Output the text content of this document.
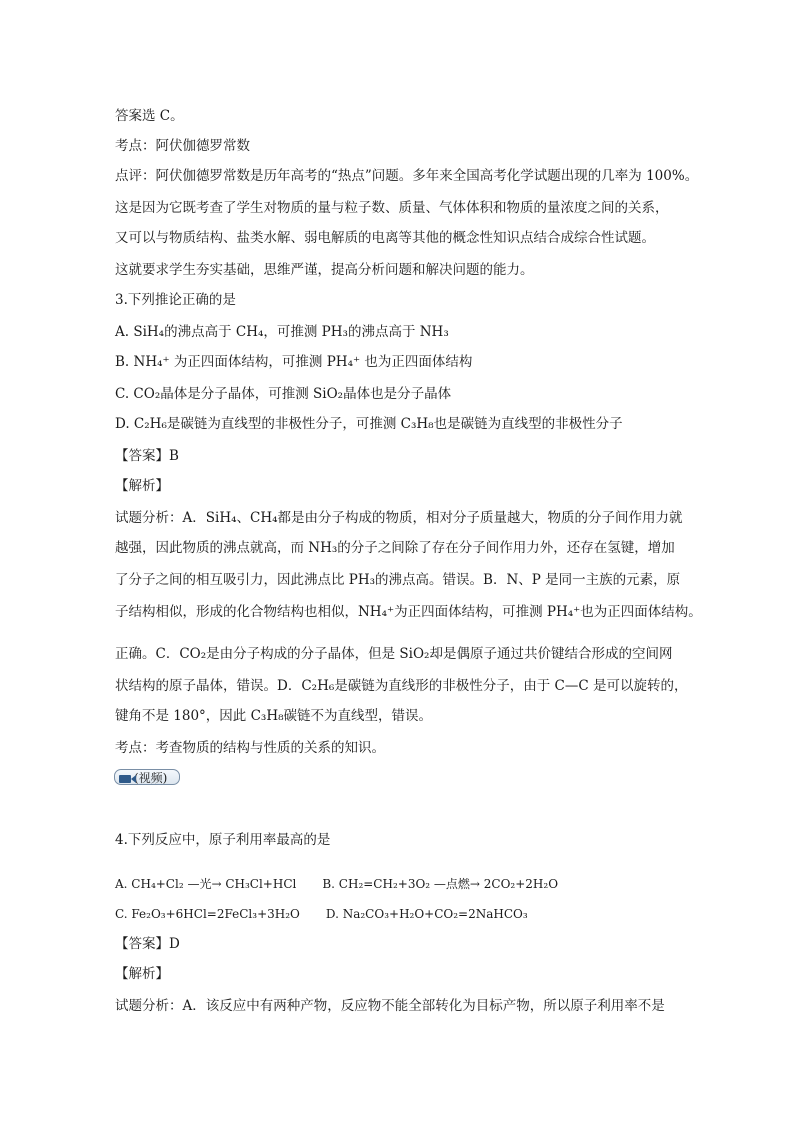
答案选 C。
考点：阿伏伽德罗常数
点评：阿伏伽德罗常数是历年高考的“热点”问题。多年来全国高考化学试题出现的几率为 100%。
这是因为它既考查了学生对物质的量与粒子数、质量、气体体积和物质的量浓度之间的关系，
又可以与物质结构、盐类水解、弱电解质的电离等其他的概念性知识点结合成综合性试题。
这就要求学生夯实基础，思维严谨，提高分析问题和解决问题的能力。
3.下列推论正确的是
A. SiH₄的沸点高于 CH₄，可推测 PH₃的沸点高于 NH₃
B. NH₄⁺ 为正四面体结构，可推测 PH₄⁺ 也为正四面体结构
C. CO₂晶体是分子晶体，可推测 SiO₂晶体也是分子晶体
D. C₂H₆是碳链为直线型的非极性分子，可推测 C₃H₈也是碳链为直线型的非极性分子
【答案】B
【解析】
试题分析：A．SiH₄、CH₄都是由分子构成的物质，相对分子质量越大，物质的分子间作用力就
越强，因此物质的沸点就高，而 NH₃的分子之间除了存在分子间作用力外，还存在氢键，增加
了分子之间的相互吸引力，因此沸点比 PH₃的沸点高。错误。B．N、P 是同一主族的元素，原
子结构相似，形成的化合物结构也相似，NH₄⁺为正四面体结构，可推测 PH₄⁺也为正四面体结构。
正确。C．CO₂是由分子构成的分子晶体，但是 SiO₂却是偶原子通过共价键结合形成的空间网
状结构的原子晶体，错误。D．C₂H₆是碳链为直线形的非极性分子，由于 C—C 是可以旋转的，
键角不是 180°，因此 C₃H₈碳链不为直线型，错误。
考点：考查物质的结构与性质的关系的知识。
(视频)
4.下列反应中，原子利用率最高的是
A. CH₄+Cl₂ —光→ CH₃Cl+HCl B. CH₂=CH₂+3O₂ —点燃→ 2CO₂+2H₂O
C. Fe₂O₃+6HCl=2FeCl₃+3H₂O D. Na₂CO₃+H₂O+CO₂=2NaHCO₃
【答案】D
【解析】
试题分析：A．该反应中有两种产物，反应物不能全部转化为目标产物，所以原子利用率不是
